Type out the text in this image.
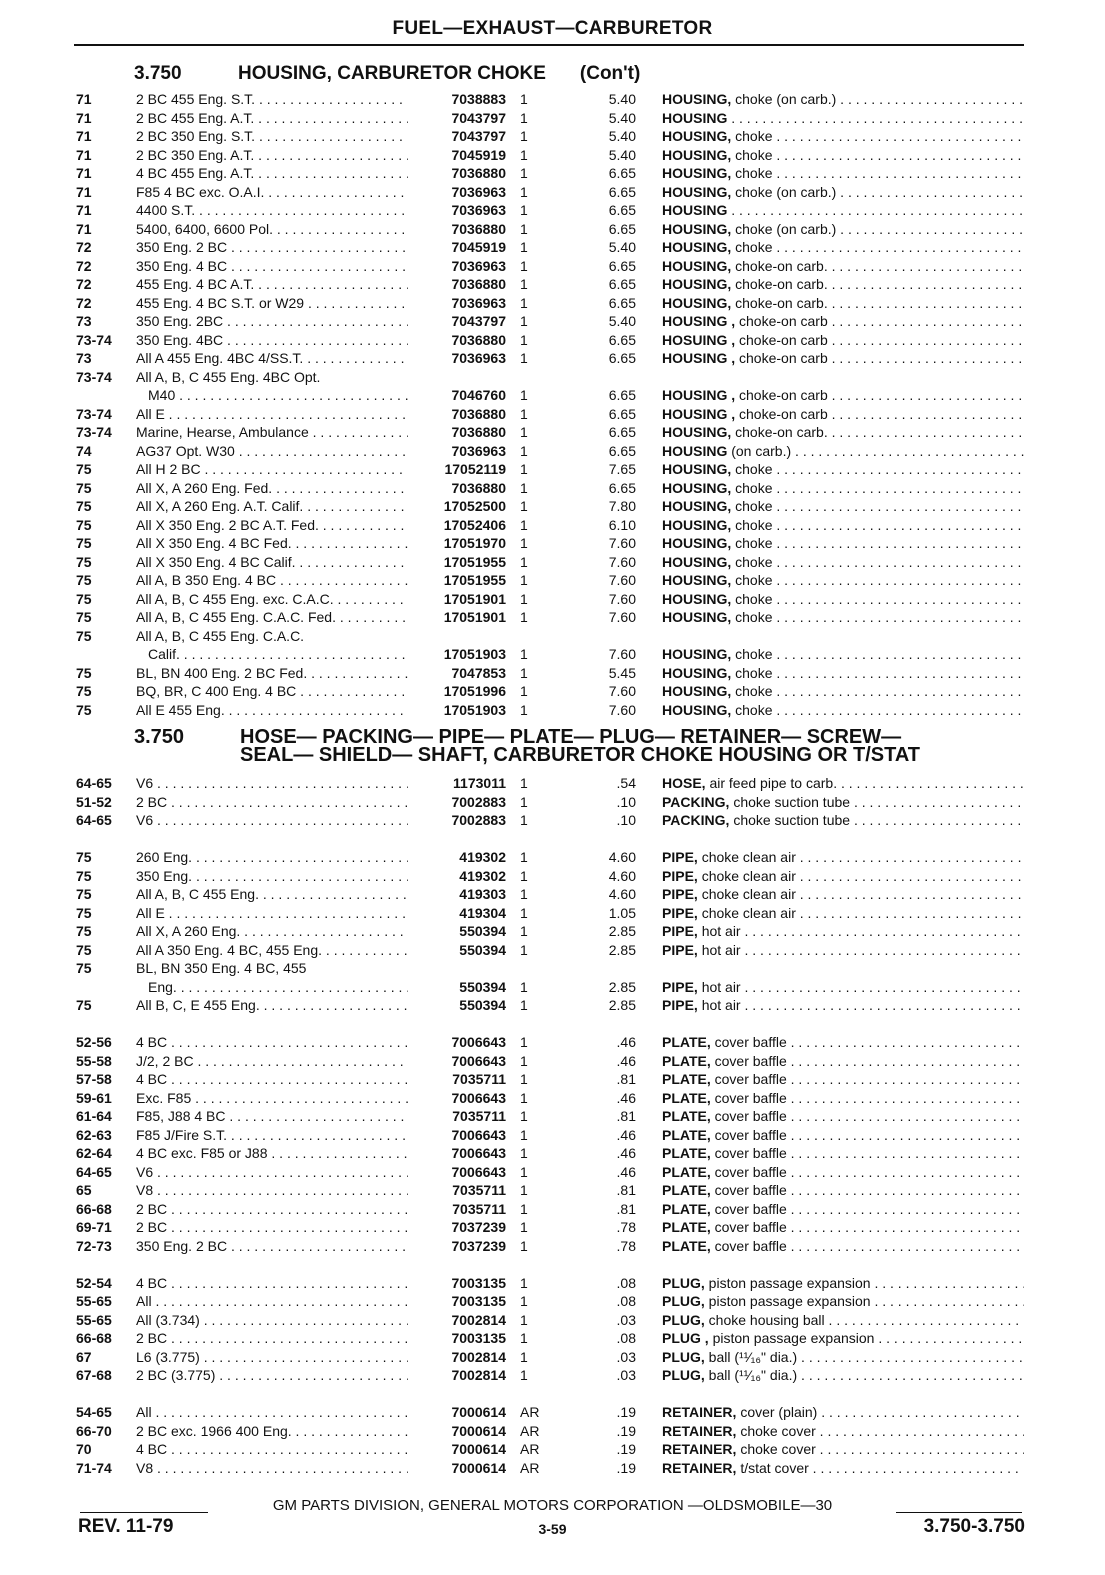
FUEL—EXHAUST—CARBURETOR
3.750	HOUSING, CARBURETOR CHOKE (Con't)
71	2 BC 455 Eng. S.T. . . .	7038883 1	5.40 HOUSING, choke (on carb.) . . .
71	2 BC 455 Eng. A.T. . . .	7043797 1	5.40 HOUSING . . .
71	2 BC 350 Eng. S.T. . . .	7043797 1	5.40 HOUSING, choke . . .
71	2 BC 350 Eng. A.T. . . .	7045919 1	5.40 HOUSING, choke . . .
71	4 BC 455 Eng. A.T. . . .	7036880 1	6.65 HOUSING, choke . . .
71	F85 4 BC exc. O.A.I. . . .	7036963 1	6.65 HOUSING, choke (on carb.) . . .
71	4400 S.T. . . .	7036963 1	6.65 HOUSING . . .
71	5400, 6400, 6600 Pol. . . .	7036880 1	6.65 HOUSING, choke (on carb.) . . .
72	350 Eng. 2 BC . . .	7045919 1	5.40 HOUSING, choke . . .
72	350 Eng. 4 BC . . .	7036963 1	6.65 HOUSING, choke-on carb. . . .
72	455 Eng. 4 BC A.T. . . .	7036880 1	6.65 HOUSING, choke-on carb. . . .
72	455 Eng. 4 BC S.T. or W29 . . .	7036963 1	6.65 HOUSING, choke-on carb. . . .
73	350 Eng. 2BC . . .	7043797 1	5.40 HOUSING , choke-on carb . . .
73-74	350 Eng. 4BC . . .	7036880 1	6.65 HOSUING , choke-on carb . . .
73	All A 455 Eng. 4BC 4/SS.T. . . .	7036963 1	6.65 HOUSING , choke-on carb . . .
73-74	All A, B, C 455 Eng. 4BC Opt.
M40 . . .	7046760 1	6.65 HOUSING , choke-on carb . . .
73-74	All E . . .	7036880 1	6.65 HOUSING , choke-on carb . . .
73-74	Marine, Hearse, Ambulance . . .	7036880 1	6.65 HOUSING, choke-on carb. . . .
74	AG37 Opt. W30 . . .	7036963 1	6.65 HOUSING (on carb.) . . .
75	All H 2 BC . . .	17052119 1	7.65 HOUSING, choke . . .
75	All X, A 260 Eng. Fed. . . .	7036880 1	6.65 HOUSING, choke . . .
75	All X, A 260 Eng. A.T. Calif. . . .	17052500 1	7.80 HOUSING, choke . . .
75	All X 350 Eng. 2 BC A.T. Fed. . . .	17052406 1	6.10 HOUSING, choke . . .
75	All X 350 Eng. 4 BC Fed. . . .	17051970 1	7.60 HOUSING, choke . . .
75	All X 350 Eng. 4 BC Calif. . . .	17051955 1	7.60 HOUSING, choke . . .
75	All A, B 350 Eng. 4 BC . . .	17051955 1	7.60 HOUSING, choke . . .
75	All A, B, C 455 Eng. exc. C.A.C. . . .	17051901 1	7.60 HOUSING, choke . . .
75	All A, B, C 455 Eng. C.A.C. Fed. . . .	17051901 1	7.60 HOUSING, choke . . .
75	All A, B, C 455 Eng. C.A.C.
Calif. . . .	17051903 1	7.60 HOUSING, choke . . .
75	BL, BN 400 Eng. 2 BC Fed. . . .	7047853 1	5.45 HOUSING, choke . . .
75	BQ, BR, C 400 Eng. 4 BC . . .	17051996 1	7.60 HOUSING, choke . . .
75	All E 455 Eng. . . .	17051903 1	7.60 HOUSING, choke . . .
3.750	HOSE— PACKING— PIPE— PLATE— PLUG— RETAINER— SCREW—
SEAL— SHIELD— SHAFT, CARBURETOR CHOKE HOUSING OR T/STAT
64-65	V6 . . .	1173011 1	.54 HOSE, air feed pipe to carb. . . .
51-52	2 BC . . .	7002883 1	.10 PACKING, choke suction tube . . .
64-65	V6 . . .	7002883 1	.10 PACKING, choke suction tube . . .
75	260 Eng. . . .	419302 1	4.60 PIPE, choke clean air . . .
75	350 Eng. . . .	419302 1	4.60 PIPE, choke clean air . . .
75	All A, B, C 455 Eng. . . .	419303 1	4.60 PIPE, choke clean air . . .
75	All E . . .	419304 1	1.05 PIPE, choke clean air . . .
75	All X, A 260 Eng. . . .	550394 1	2.85 PIPE, hot air . . .
75	All A 350 Eng. 4 BC, 455 Eng. . . .	550394 1	2.85 PIPE, hot air . . .
75	BL, BN 350 Eng. 4 BC, 455
Eng. . . .	550394 1	2.85 PIPE, hot air . . .
75	All B, C, E 455 Eng. . . .	550394 1	2.85 PIPE, hot air . . .
52-56	4 BC . . .	7006643 1	.46 PLATE, cover baffle . . .
55-58	J/2, 2 BC . . .	7006643 1	.46 PLATE, cover baffle . . .
57-58	4 BC . . .	7035711 1	.81 PLATE, cover baffle . . .
59-61	Exc. F85 . . .	7006643 1	.46 PLATE, cover baffle . . .
61-64	F85, J88 4 BC . . .	7035711 1	.81 PLATE, cover baffle . . .
62-63	F85 J/Fire S.T. . . .	7006643 1	.46 PLATE, cover baffle . . .
62-64	4 BC exc. F85 or J88 . . .	7006643 1	.46 PLATE, cover baffle . . .
64-65	V6 . . .	7006643 1	.46 PLATE, cover baffle . . .
65	V8 . . .	7035711 1	.81 PLATE, cover baffle . . .
66-68	2 BC . . .	7035711 1	.81 PLATE, cover baffle . . .
69-71	2 BC . . .	7037239 1	.78 PLATE, cover baffle . . .
72-73	350 Eng. 2 BC . . .	7037239 1	.78 PLATE, cover baffle . . .
52-54	4 BC . . .	7003135 1	.08 PLUG, piston passage expansion . . .
55-65	All . . .	7003135 1	.08 PLUG, piston passage expansion . . .
55-65	All (3.734) . . .	7002814 1	.03 PLUG, choke housing ball . . .
66-68	2 BC . . .	7003135 1	.08 PLUG , piston passage expansion . . .
67	L6 (3.775) . . .	7002814 1	.03 PLUG, ball (¹¹⁄₁₆" dia.) . . .
67-68	2 BC (3.775) . . .	7002814 1	.03 PLUG, ball (¹¹⁄₁₆" dia.) . . .
54-65	All . . .	7000614 AR	.19 RETAINER, cover (plain) . . .
66-70	2 BC exc. 1966 400 Eng. . . .	7000614 AR	.19 RETAINER, choke cover . . .
70	4 BC . . .	7000614 AR	.19 RETAINER, choke cover . . .
71-74	V8 . . .	7000614 AR	.19 RETAINER, t/stat cover . . .
GM PARTS DIVISION, GENERAL MOTORS CORPORATION —OLDSMOBILE—30
REV. 11-79	3-59	3.750-3.750
